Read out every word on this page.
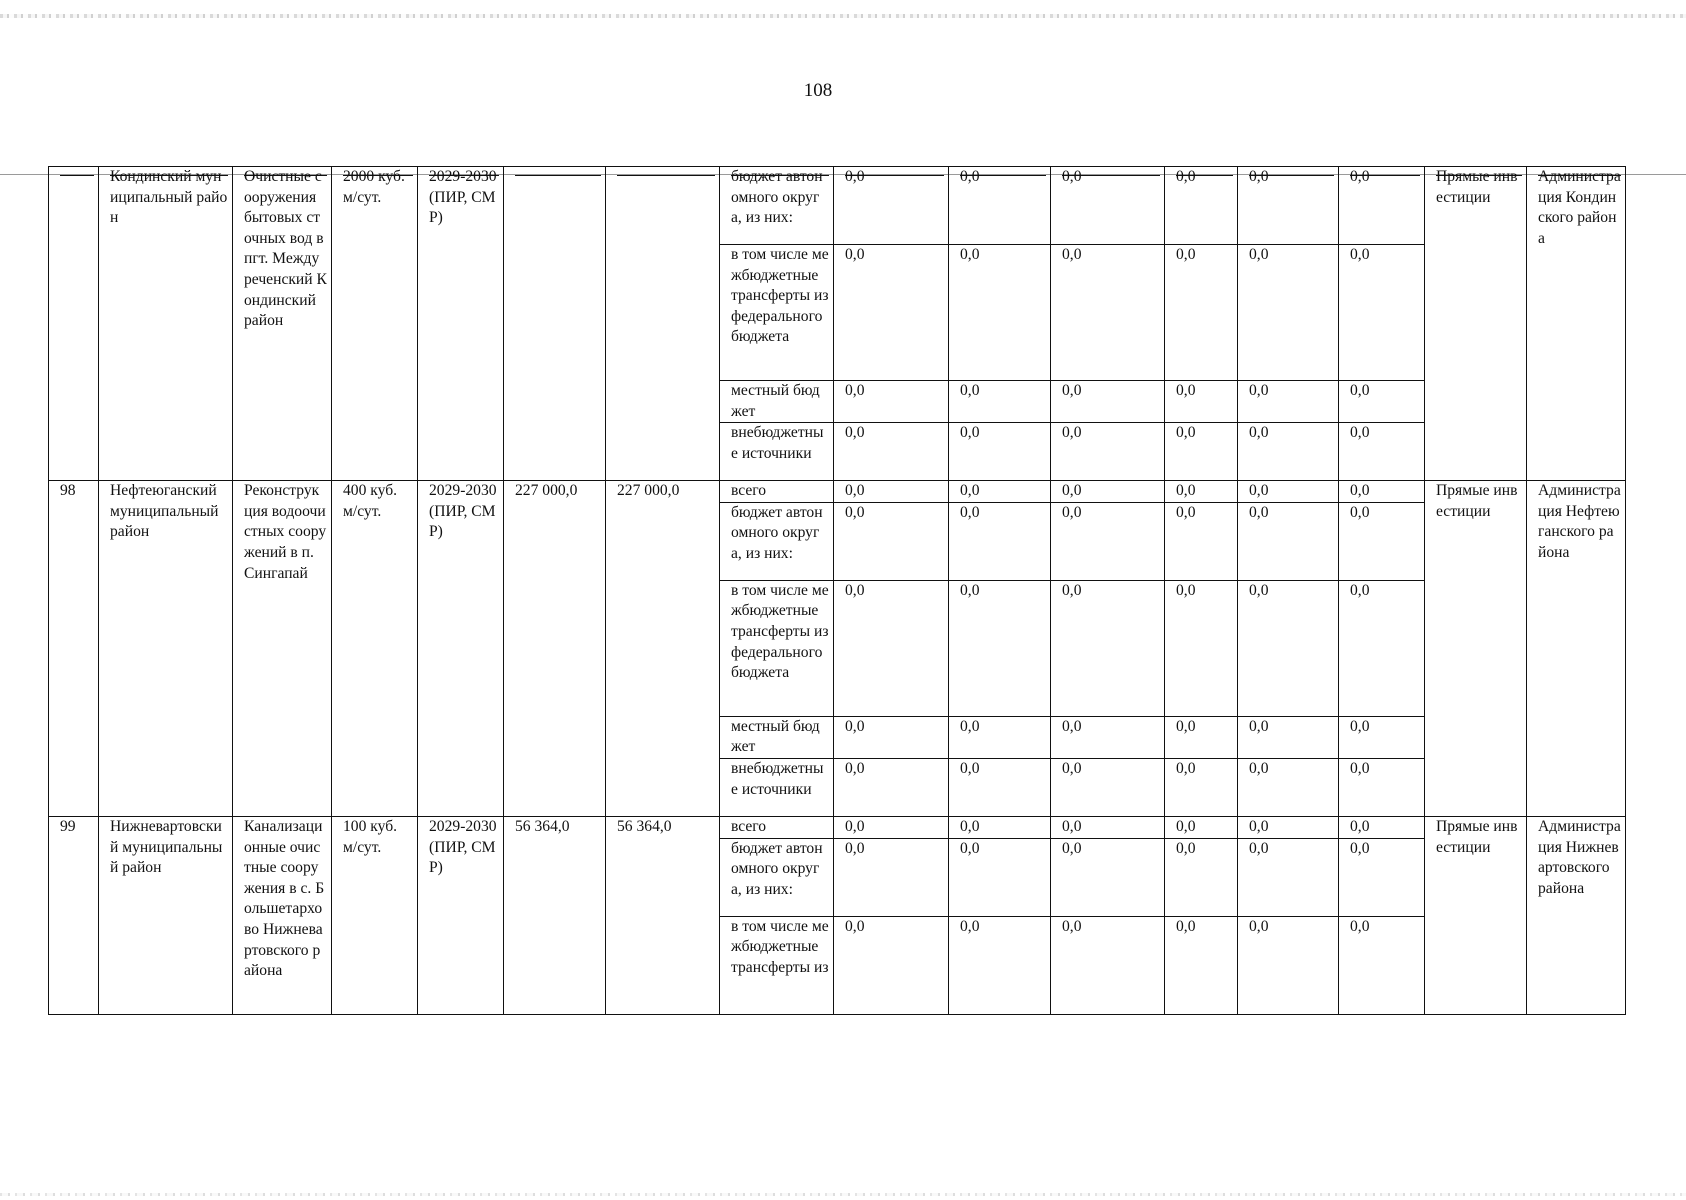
108
	Кондинский муниципальный район	Очистные сооружения бытовых сточных вод в пгт. Междуреченский Кондинский район	2000 куб. м/сут.	2029-2030 (ПИР, СМР)			бюджет автономного округа, из них:	0,0	0,0	0,0	0,0	0,0	0,0	Прямые инвестиции	Администрация Кондинского района
							в том числе межбюджетные трансферты из федерального бюджета	0,0	0,0	0,0	0,0	0,0	0,0		
							местный бюджет	0,0	0,0	0,0	0,0	0,0	0,0		
							внебюджетные источники	0,0	0,0	0,0	0,0	0,0	0,0		
98	Нефтеюганский муниципальный район	Реконструкция водоочистных сооружений в п. Сингапай	400 куб. м/сут.	2029-2030 (ПИР, СМР)	227 000,0	227 000,0	всего	0,0	0,0	0,0	0,0	0,0	0,0	Прямые инвестиции	Администрация Нефтеюганского района
							бюджет автономного округа, из них:	0,0	0,0	0,0	0,0	0,0	0,0		
							в том числе межбюджетные трансферты из федерального бюджета	0,0	0,0	0,0	0,0	0,0	0,0		
							местный бюджет	0,0	0,0	0,0	0,0	0,0	0,0		
							внебюджетные источники	0,0	0,0	0,0	0,0	0,0	0,0		
99	Нижневартовский муниципальный район	Канализационные очистные сооружения в с. Большетархово Нижневартовского района	100 куб. м/сут.	2029-2030 (ПИР, СМР)	56 364,0	56 364,0	всего	0,0	0,0	0,0	0,0	0,0	0,0	Прямые инвестиции	Администрация Нижневартовского района
							бюджет автономного округа, из них:	0,0	0,0	0,0	0,0	0,0	0,0		
							в том числе межбюджетные трансферты из	0,0	0,0	0,0	0,0	0,0	0,0		
